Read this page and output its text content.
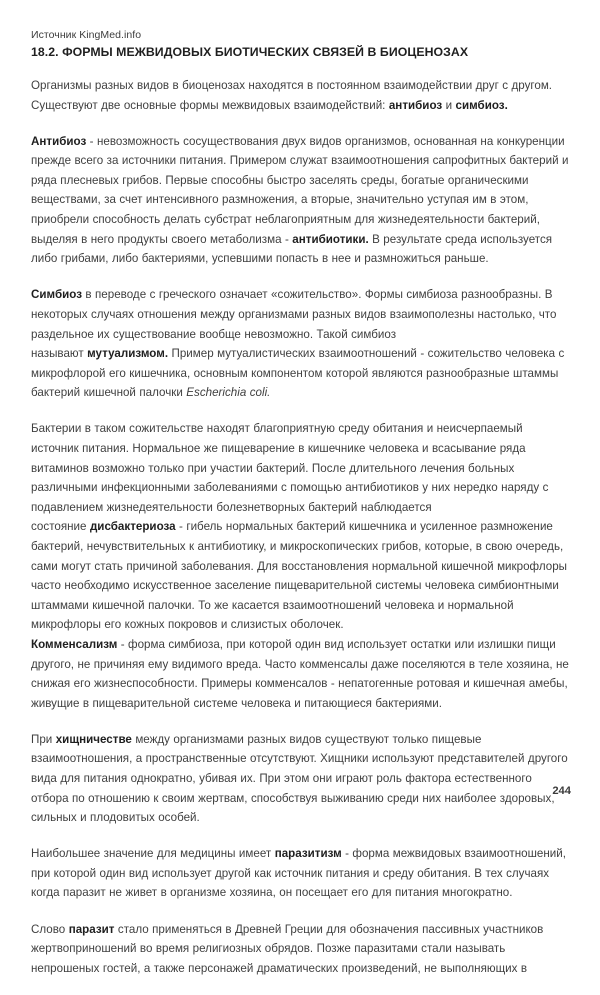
Источник KingMed.info
18.2. ФОРМЫ МЕЖВИДОВЫХ БИОТИЧЕСКИХ СВЯЗЕЙ В БИОЦЕНОЗАХ

Организмы разных видов в биоценозах находятся в постоянном взаимодействии друг с другом. Существуют две основные формы межвидовых взаимодействий: антибиоз и симбиоз.

Антибиоз - невозможность сосуществования двух видов организмов, основанная на конкуренции прежде всего за источники питания. Примером служат взаимоотношения сапрофитных бактерий и ряда плесневых грибов. Первые способны быстро заселять среды, богатые органическими веществами, за счет интенсивного размножения, а вторые, значительно уступая им в этом, приобрели способность делать субстрат неблагоприятным для жизнедеятельности бактерий, выделяя в него продукты своего метаболизма - антибиотики. В результате среда используется либо грибами, либо бактериями, успевшими попасть в нее и размножиться раньше.

Симбиоз в переводе с греческого означает «сожительство». Формы симбиоза разнообразны. В некоторых случаях отношения между организмами разных видов взаимополезны настолько, что раздельное их существование вообще невозможно. Такой симбиоз
называют мутуализмом. Пример мутуалистических взаимоотношений - сожительство человека с микрофлорой его кишечника, основным компонентом которой являются разнообразные штаммы бактерий кишечной палочки Escherichia coli.

Бактерии в таком сожительстве находят благоприятную среду обитания и неисчерпаемый источник питания. Нормальное же пищеварение в кишечнике человека и всасывание ряда витаминов возможно только при участии бактерий. После длительного лечения больных различными инфекционными заболеваниями с помощью антибиотиков у них нередко наряду с подавлением жизнедеятельности болезнетворных бактерий наблюдается
состояние дисбактериоза - гибель нормальных бактерий кишечника и усиленное размножение бактерий, нечувствительных к антибиотику, и микроскопических грибов, которые, в свою очередь, сами могут стать причиной заболевания. Для восстановления нормальной кишечной микрофлоры часто необходимо искусственное заселение пищеварительной системы человека симбионтными штаммами кишечной палочки. То же касается взаимоотношений человека и нормальной микрофлоры его кожных покровов и слизистых оболочек.

Комменсализм - форма симбиоза, при которой один вид использует остатки или излишки пищи другого, не причиняя ему видимого вреда. Часто комменсалы даже поселяются в теле хозяина, не снижая его жизнеспособности. Примеры комменсалов - непатогенные ротовая и кишечная амебы, живущие в пищеварительной системе человека и питающиеся бактериями.

При хищничестве между организмами разных видов существуют только пищевые взаимоотношения, а пространственные отсутствуют. Хищники используют представителей другого вида для питания однократно, убивая их. При этом они играют роль фактора естественного отбора по отношению к своим жертвам, способствуя выживанию среди них наиболее здоровых, сильных и плодовитых особей.

Наибольшее значение для медицины имеет паразитизм - форма межвидовых взаимоотношений, при которой один вид использует другой как источник питания и среду обитания. В тех случаях когда паразит не живет в организме хозяина, он посещает его для питания многократно.

Слово паразит стало применяться в Древней Греции для обозначения пассивных участников жертвоприношений во время религиозных обрядов. Позже паразитами стали называть непрошеных гостей, а также персонажей драматических произведений, не выполняющих в

244
